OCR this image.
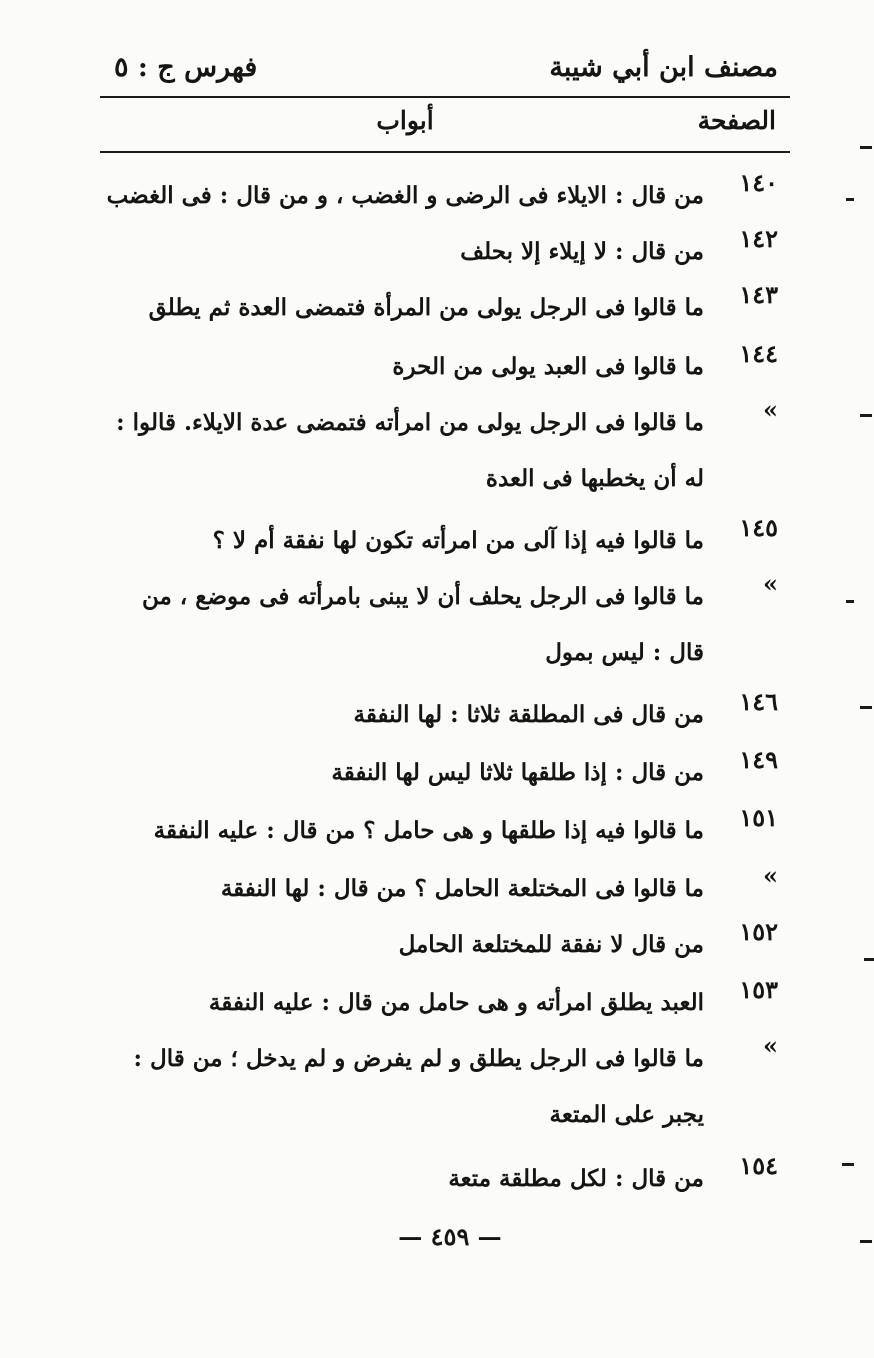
مصنف ابن أبي شيبة
فهرس ج : ٥
الصفحة
أبواب
١٤٠
من قال : الايلاء فى الرضى و الغضب ، و من قال : فى الغضب
١٤٢
من قال : لا إيلاء إلا بحلف
١٤٣
ما قالوا فى الرجل يولى من المرأة فتمضى العدة ثم يطلق
١٤٤
ما قالوا فى العبد يولى من الحرة
»
ما قالوا فى الرجل يولى من امرأته فتمضى عدة الايلاء. قالوا : له أن يخطبها فى العدة
١٤٥
ما قالوا فيه إذا آلى من امرأته تكون لها نفقة أم لا ؟
»
ما قالوا فى الرجل يحلف أن لا يبنى بامرأته فى موضع ، من قال : ليس بمول
١٤٦
من قال فى المطلقة ثلاثا : لها النفقة
١٤٩
من قال : إذا طلقها ثلاثا ليس لها النفقة
١٥١
ما قالوا فيه إذا طلقها و هى حامل ؟ من قال : عليه النفقة
»
ما قالوا فى المختلعة الحامل ؟ من قال : لها النفقة
١٥٢
من قال لا نفقة للمختلعة الحامل
١٥٣
العبد يطلق امرأته و هى حامل من قال : عليه النفقة
»
ما قالوا فى الرجل يطلق و لم يفرض و لم يدخل ؛ من قال : يجبر على المتعة
١٥٤
من قال : لكل مطلقة متعة
— ٤٥٩ —
